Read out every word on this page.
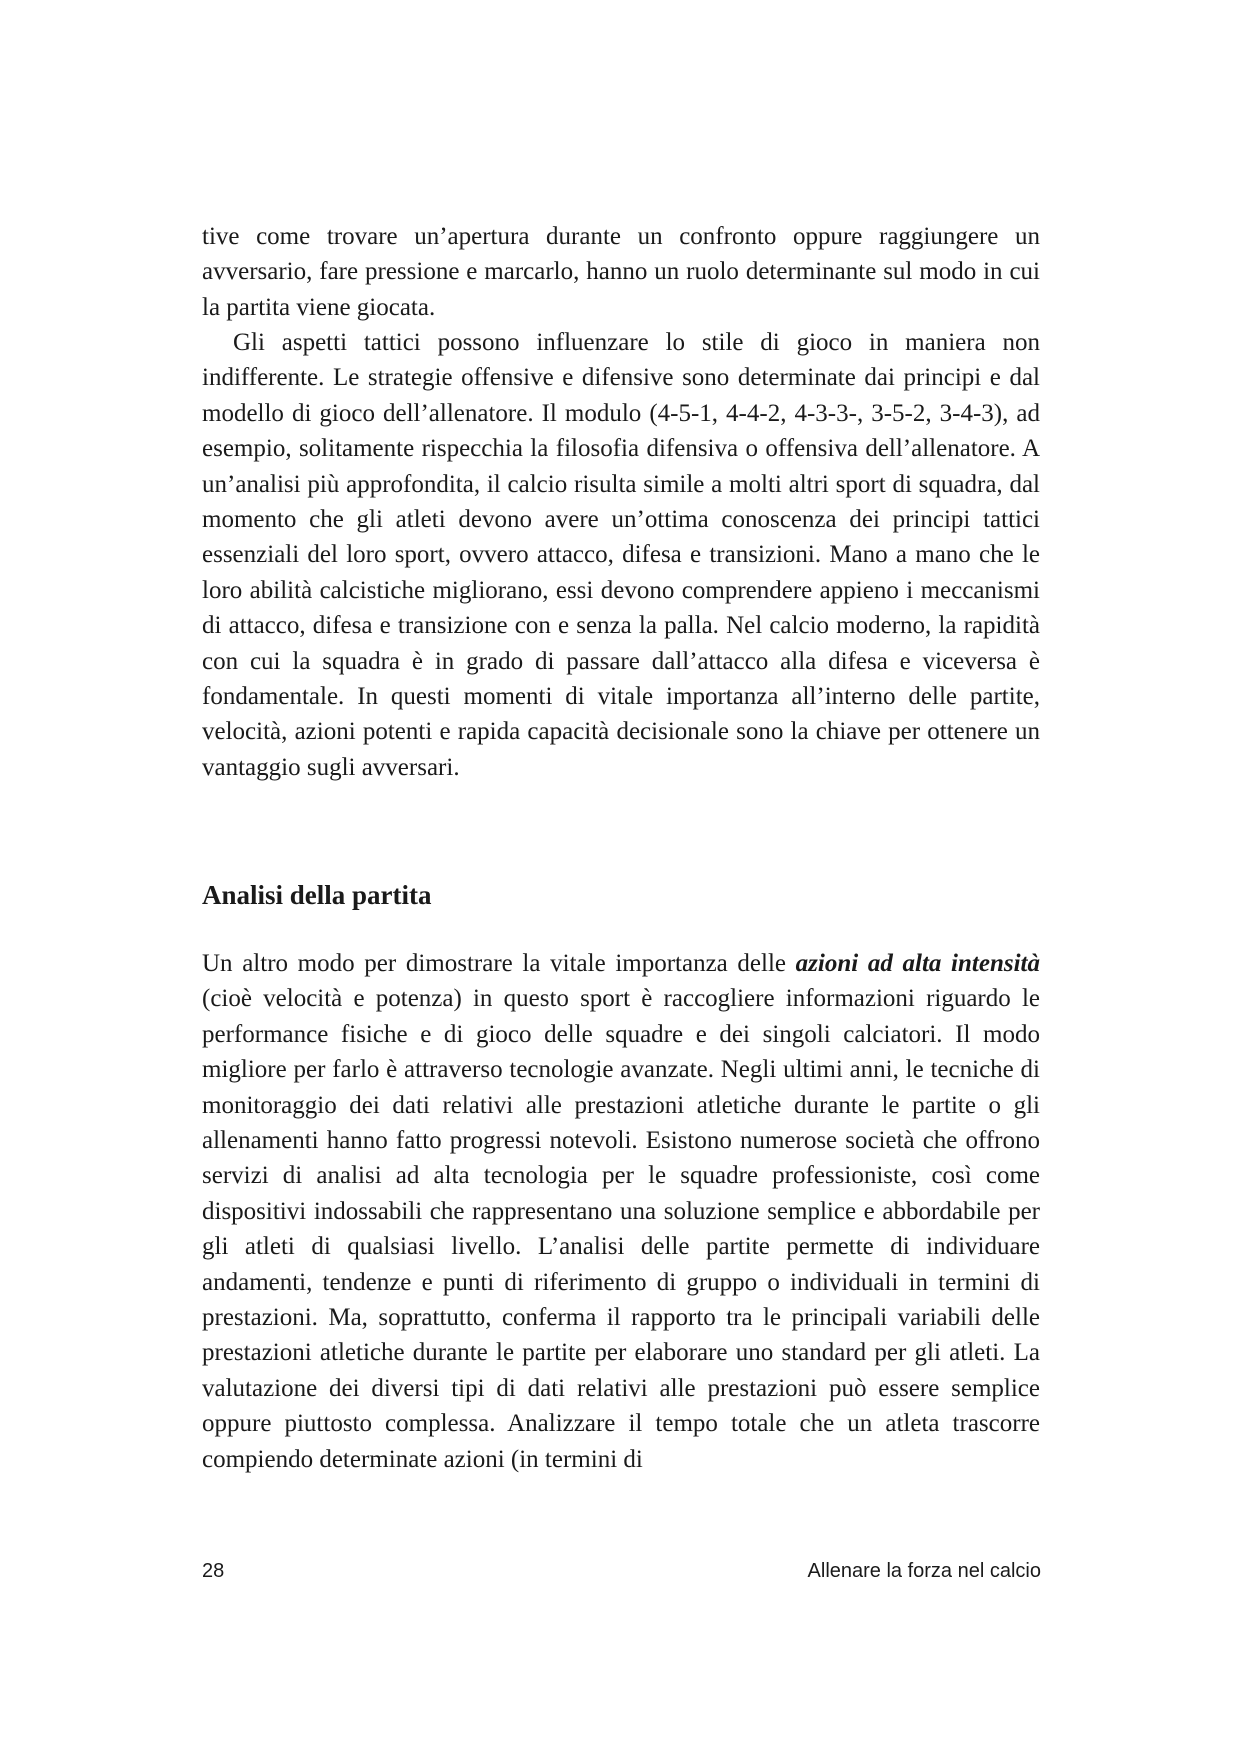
tive come trovare un’apertura durante un confronto oppure raggiungere un avversario, fare pressione e marcarlo, hanno un ruolo determinante sul modo in cui la partita viene giocata.

Gli aspetti tattici possono influenzare lo stile di gioco in maniera non indifferente. Le strategie offensive e difensive sono determinate dai principi e dal modello di gioco dell’allenatore. Il modulo (4-5-1, 4-4-2, 4-3-3-, 3-5-2, 3-4-3), ad esempio, solitamente rispecchia la filosofia difensiva o offensiva dell’allenatore. A un’analisi più approfondita, il calcio risulta simile a molti altri sport di squadra, dal momento che gli atleti devono avere un’ottima conoscenza dei principi tattici essenziali del loro sport, ovvero attacco, difesa e transizioni. Mano a mano che le loro abilità calcistiche migliorano, essi devono comprendere appieno i meccanismi di attacco, difesa e transizione con e senza la palla. Nel calcio moderno, la rapidità con cui la squadra è in grado di passare dall’attacco alla difesa e viceversa è fondamentale. In questi momenti di vitale importanza all’interno delle partite, velocità, azioni potenti e rapida capacità decisionale sono la chiave per ottenere un vantaggio sugli avversari.

Analisi della partita

Un altro modo per dimostrare la vitale importanza delle azioni ad alta intensità (cioè velocità e potenza) in questo sport è raccogliere informazioni riguardo le performance fisiche e di gioco delle squadre e dei singoli calciatori. Il modo migliore per farlo è attraverso tecnologie avanzate. Negli ultimi anni, le tecniche di monitoraggio dei dati relativi alle prestazioni atletiche durante le partite o gli allenamenti hanno fatto progressi notevoli. Esistono numerose società che offrono servizi di analisi ad alta tecnologia per le squadre professioniste, così come dispositivi indossabili che rappresentano una soluzione semplice e abbordabile per gli atleti di qualsiasi livello. L’analisi delle partite permette di individuare andamenti, tendenze e punti di riferimento di gruppo o individuali in termini di prestazioni. Ma, soprattutto, conferma il rapporto tra le principali variabili delle prestazioni atletiche durante le partite per elaborare uno standard per gli atleti. La valutazione dei diversi tipi di dati relativi alle prestazioni può essere semplice oppure piuttosto complessa. Analizzare il tempo totale che un atleta trascorre compiendo determinate azioni (in termini di

28	Allenare la forza nel calcio
